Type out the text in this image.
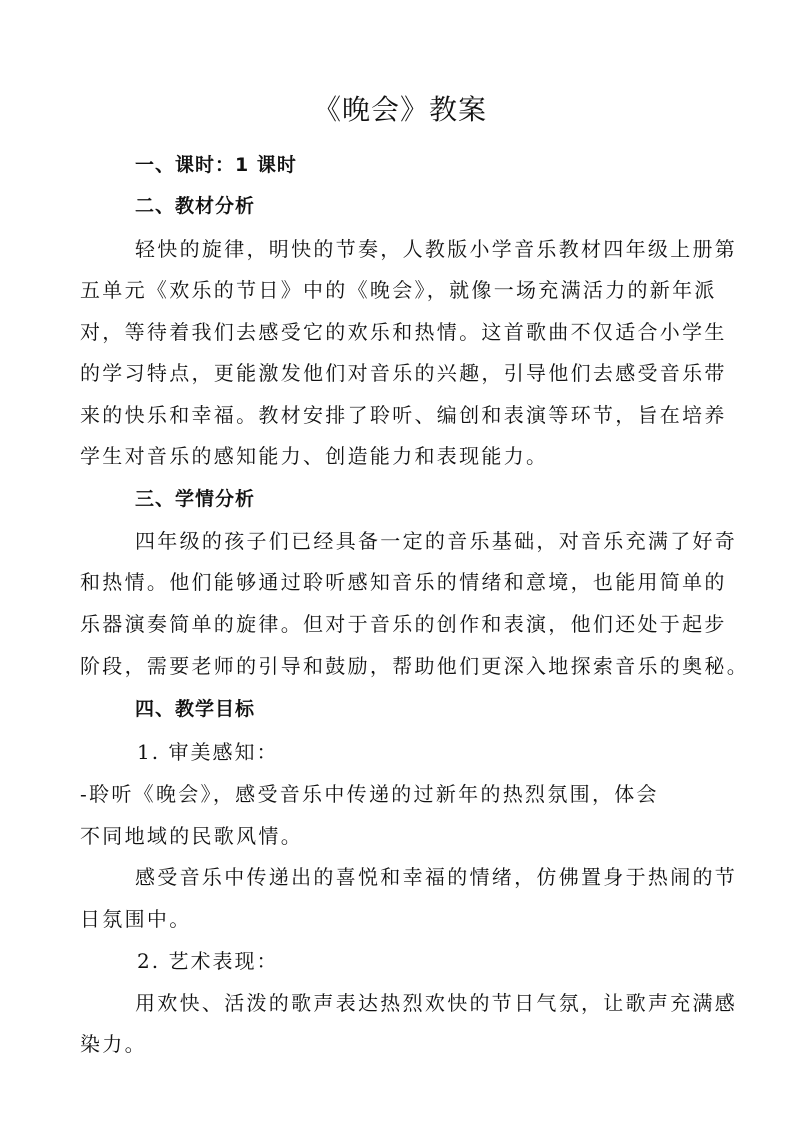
《晚会》教案
一、课时：1 课时
二、教材分析

轻快的旋律，明快的节奏，人教版小学音乐教材四年级上册第

五单元《欢乐的节日》中的《晚会》，就像一场充满活力的新年派

对，等待着我们去感受它的欢乐和热情。这首歌曲不仅适合小学生

的学习特点，更能激发他们对音乐的兴趣，引导他们去感受音乐带

来的快乐和幸福。教材安排了聆听、编创和表演等环节，旨在培养

学生对音乐的感知能力、创造能力和表现能力。

三、学情分析

四年级的孩子们已经具备一定的音乐基础，对音乐充满了好奇

和热情。他们能够通过聆听感知音乐的情绪和意境，也能用简单的

乐器演奏简单的旋律。但对于音乐的创作和表演，他们还处于起步

阶段，需要老师的引导和鼓励，帮助他们更深入地探索音乐的奥秘。

四、教学目标

1. 审美感知：

-聆听《晚会》，感受音乐中传递的过新年的热烈氛围，体会

不同地域的民歌风情。

感受音乐中传递出的喜悦和幸福的情绪，仿佛置身于热闹的节

日氛围中。

2. 艺术表现：

用欢快、活泼的歌声表达热烈欢快的节日气氛，让歌声充满感

染力。
